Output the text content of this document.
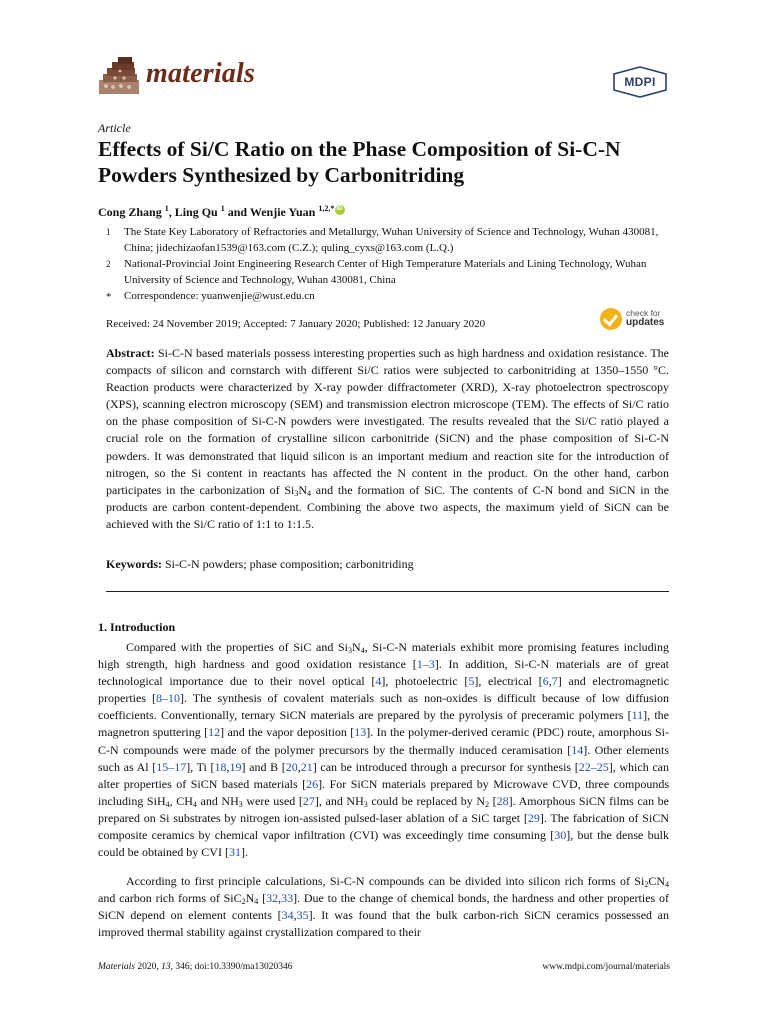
materials	MDPI
Article
Effects of Si/C Ratio on the Phase Composition of Si-C-N Powders Synthesized by Carbonitriding
Cong Zhang $^1$, Ling Qu $^1$ and Wenjie Yuan $^{1,2,*}$iD
1 The State Key Laboratory of Refractories and Metallurgy, Wuhan University of Science and Technology, Wuhan 430081, China; jidechizaofan1539@163.com (C.Z.); quling_cyxs@163.com (L.Q.)
2 National-Provincial Joint Engineering Research Center of High Temperature Materials and Lining Technology, Wuhan University of Science and Technology, Wuhan 430081, China
* Correspondence: yuanwenjie@wust.edu.cn
Received: 24 November 2019; Accepted: 7 January 2020; Published: 12 January 2020
check for
updates
Abstract: Si-C-N based materials possess interesting properties such as high hardness and oxidation resistance. The compacts of silicon and cornstarch with different Si/C ratios were subjected to carbonitriding at 1350–1550 °C. Reaction products were characterized by X-ray powder diffractometer (XRD), X-ray photoelectron spectroscopy (XPS), scanning electron microscopy (SEM) and transmission electron microscope (TEM). The effects of Si/C ratio on the phase composition of Si-C-N powders were investigated. The results revealed that the Si/C ratio played a crucial role on the formation of crystalline silicon carbonitride (SiCN) and the phase composition of Si-C-N powders. It was demonstrated that liquid silicon is an important medium and reaction site for the introduction of nitrogen, so the Si content in reactants has affected the N content in the product. On the other hand, carbon participates in the carbonization of $Si_3N_4$ and the formation of SiC. The contents of C-N bond and SiCN in the products are carbon content-dependent. Combining the above two aspects, the maximum yield of SiCN can be achieved with the Si/C ratio of 1:1 to 1:1.5.
Keywords: Si-C-N powders; phase composition; carbonitriding
1. Introduction
Compared with the properties of SiC and $Si_3N_4$, Si-C-N materials exhibit more promising features including high strength, high hardness and good oxidation resistance [1–3]. In addition, Si-C-N materials are of great technological importance due to their novel optical [4], photoelectric [5], electrical [6,7] and electromagnetic properties [8–10]. The synthesis of covalent materials such as non-oxides is difficult because of low diffusion coefficients. Conventionally, ternary SiCN materials are prepared by the pyrolysis of preceramic polymers [11], the magnetron sputtering [12] and the vapor deposition [13]. In the polymer-derived ceramic (PDC) route, amorphous Si-C-N compounds were made of the polymer precursors by the thermally induced ceramisation [14]. Other elements such as Al [15–17], Ti [18,19] and B [20,21] can be introduced through a precursor for synthesis [22–25], which can alter properties of SiCN based materials [26]. For SiCN materials prepared by Microwave CVD, three compounds including SiH$_4$, $CH_4$ and $NH_3$ were used [27], and $NH_3$ could be replaced by $N_2$ [28]. Amorphous SiCN films can be prepared on Si substrates by nitrogen ion-assisted pulsed-laser ablation of a SiC target [29]. The fabrication of SiCN composite ceramics by chemical vapor infiltration (CVI) was exceedingly time consuming [30], but the dense bulk could be obtained by CVI [31].
According to first principle calculations, Si-C-N compounds can be divided into silicon rich forms of $Si_2CN_4$ and carbon rich forms of $SiC_2N_4$ [32,33]. Due to the change of chemical bonds, the hardness and other properties of SiCN depend on element contents [34,35]. It was found that the bulk carbon-rich SiCN ceramics possessed an improved thermal stability against crystallization compared to their
Materials 2020, 13, 346; doi:10.3390/ma13020346	www.mdpi.com/journal/materials
